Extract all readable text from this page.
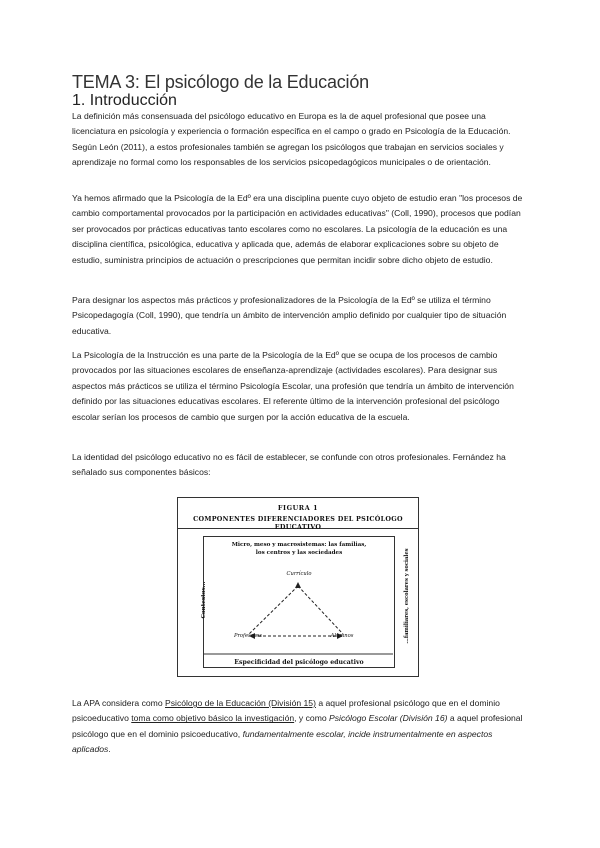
TEMA 3: El psicólogo de la Educación
1. Introducción

La definición más consensuada del psicólogo educativo en Europa es la de aquel profesional que posee una licenciatura en psicología y experiencia o formación específica en el campo o grado en Psicología de la Educación. Según León (2011), a estos profesionales también se agregan los psicólogos que trabajan en servicios sociales y aprendizaje no formal como los responsables de los servicios psicopedagógicos municipales o de orientación.

Ya hemos afirmado que la Psicología de la Edº era una disciplina puente cuyo objeto de estudio eran "los procesos de cambio comportamental provocados por la participación en actividades educativas" (Coll, 1990), procesos que podían ser provocados por prácticas educativas tanto escolares como no escolares. La psicología de la educación es una disciplina científica, psicológica, educativa y aplicada que, además de elaborar explicaciones sobre su objeto de estudio, suministra principios de actuación o prescripciones que permitan incidir sobre dicho objeto de estudio.

Para designar los aspectos más prácticos y profesionalizadores de la Psicología de la Edº se utiliza el término Psicopedagogía (Coll, 1990), que tendría un ámbito de intervención amplio definido por cualquier tipo de situación educativa.

La Psicología de la Instrucción es una parte de la Psicología de la Edº que se ocupa de los procesos de cambio provocados por las situaciones escolares de enseñanza-aprendizaje (actividades escolares). Para designar sus aspectos más prácticos se utiliza el término Psicología Escolar, una profesión que tendría un ámbito de intervención definido por las situaciones educativas escolares. El referente último de la intervención profesional del psicólogo escolar serían los procesos de cambio que surgen por la acción educativa de la escuela.

La identidad del psicólogo educativo no es fácil de establecer, se confunde con otros profesionales. Fernández ha señalado sus componentes básicos:

FIGURA 1
COMPONENTES DIFERENCIADORES DEL PSICÓLOGO EDUCATIVO
Micro, meso y macrosistemas: las familias,
los centros y las sociedades
Currículo
Profesores	Alumnos
Contextos...	...familiares, escolares y sociales
Especificidad del psicólogo educativo

La APA considera como Psicólogo de la Educación (División 15) a aquel profesional psicólogo que en el dominio psicoeducativo toma como objetivo básico la investigación, y como Psicólogo Escolar (División 16) a aquel profesional psicólogo que en el dominio psicoeducativo, fundamentalmente escolar, incide instrumentalmente en aspectos aplicados.
